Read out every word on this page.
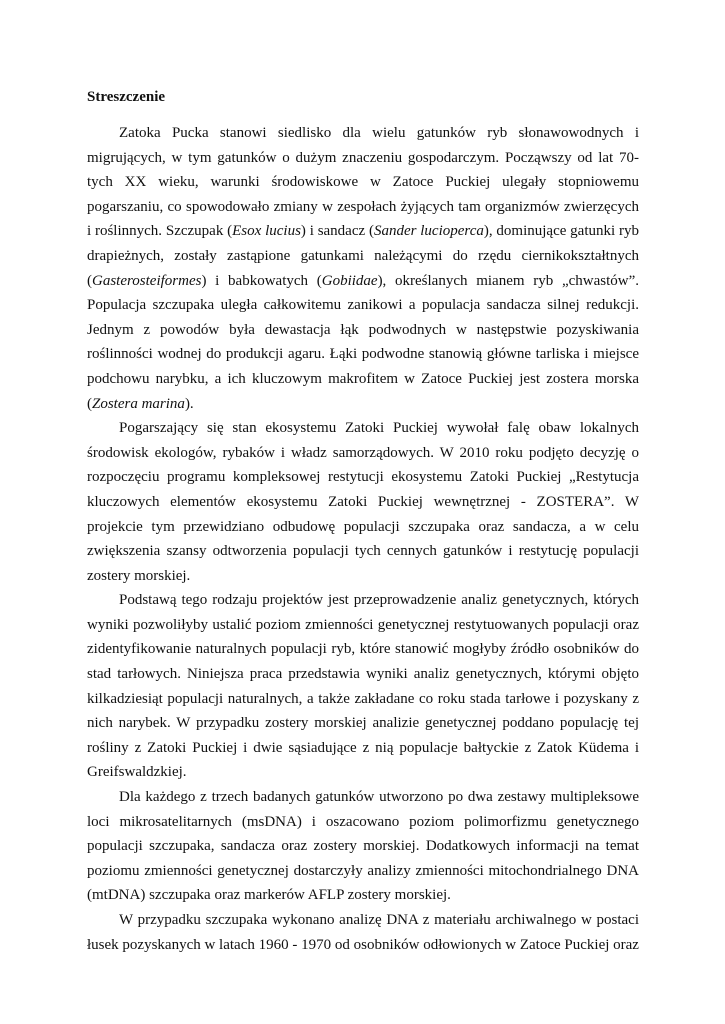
Streszczenie

Zatoka Pucka stanowi siedlisko dla wielu gatunków ryb słonawowodnych i migrujących, w tym gatunków o dużym znaczeniu gospodarczym. Począwszy od lat 70-tych XX wieku, warunki środowiskowe w Zatoce Puckiej ulegały stopniowemu pogarszaniu, co spowodowało zmiany w zespołach żyjących tam organizmów zwierzęcych i roślinnych. Szczupak (Esox lucius) i sandacz (Sander lucioperca), dominujące gatunki ryb drapieżnych, zostały zastąpione gatunkami należącymi do rzędu ciernikokształtnych (Gasterosteiformes) i babkowatych (Gobiidae), określanych mianem ryb „chwastów”. Populacja szczupaka uległa całkowitemu zanikowi a populacja sandacza silnej redukcji. Jednym z powodów była dewastacja łąk podwodnych w następstwie pozyskiwania roślinności wodnej do produkcji agaru. Łąki podwodne stanowią główne tarliska i miejsce podchowu narybku, a ich kluczowym makrofitem w Zatoce Puckiej jest zostera morska (Zostera marina).

Pogarszający się stan ekosystemu Zatoki Puckiej wywołał falę obaw lokalnych środowisk ekologów, rybaków i władz samorządowych. W 2010 roku podjęto decyzję o rozpoczęciu programu kompleksowej restytucji ekosystemu Zatoki Puckiej „Restytucja kluczowych elementów ekosystemu Zatoki Puckiej wewnętrznej - ZOSTERA”. W projekcie tym przewidziano odbudowę populacji szczupaka oraz sandacza, a w celu zwiększenia szansy odtworzenia populacji tych cennych gatunków i restytucję populacji zostery morskiej.

Podstawą tego rodzaju projektów jest przeprowadzenie analiz genetycznych, których wyniki pozwoliłyby ustalić poziom zmienności genetycznej restytuowanych populacji oraz zidentyfikowanie naturalnych populacji ryb, które stanowić mogłyby źródło osobników do stad tarłowych. Niniejsza praca przedstawia wyniki analiz genetycznych, którymi objęto kilkadziesiąt populacji naturalnych, a także zakładane co roku stada tarłowe i pozyskany z nich narybek. W przypadku zostery morskiej analizie genetycznej poddano populację tej rośliny z Zatoki Puckiej i dwie sąsiadujące z nią populacje bałtyckie z Zatok Küdema i Greifswaldzkiej.

Dla każdego z trzech badanych gatunków utworzono po dwa zestawy multipleksowe loci mikrosatelitarnych (msDNA) i oszacowano poziom polimorfizmu genetycznego populacji szczupaka, sandacza oraz zostery morskiej. Dodatkowych informacji na temat poziomu zmienności genetycznej dostarczyły analizy zmienności mitochondrialnego DNA (mtDNA) szczupaka oraz markerów AFLP zostery morskiej.

W przypadku szczupaka wykonano analizę DNA z materiału archiwalnego w postaci łusek pozyskanych w latach 1960 - 1970 od osobników odłowionych w Zatoce Puckiej oraz
